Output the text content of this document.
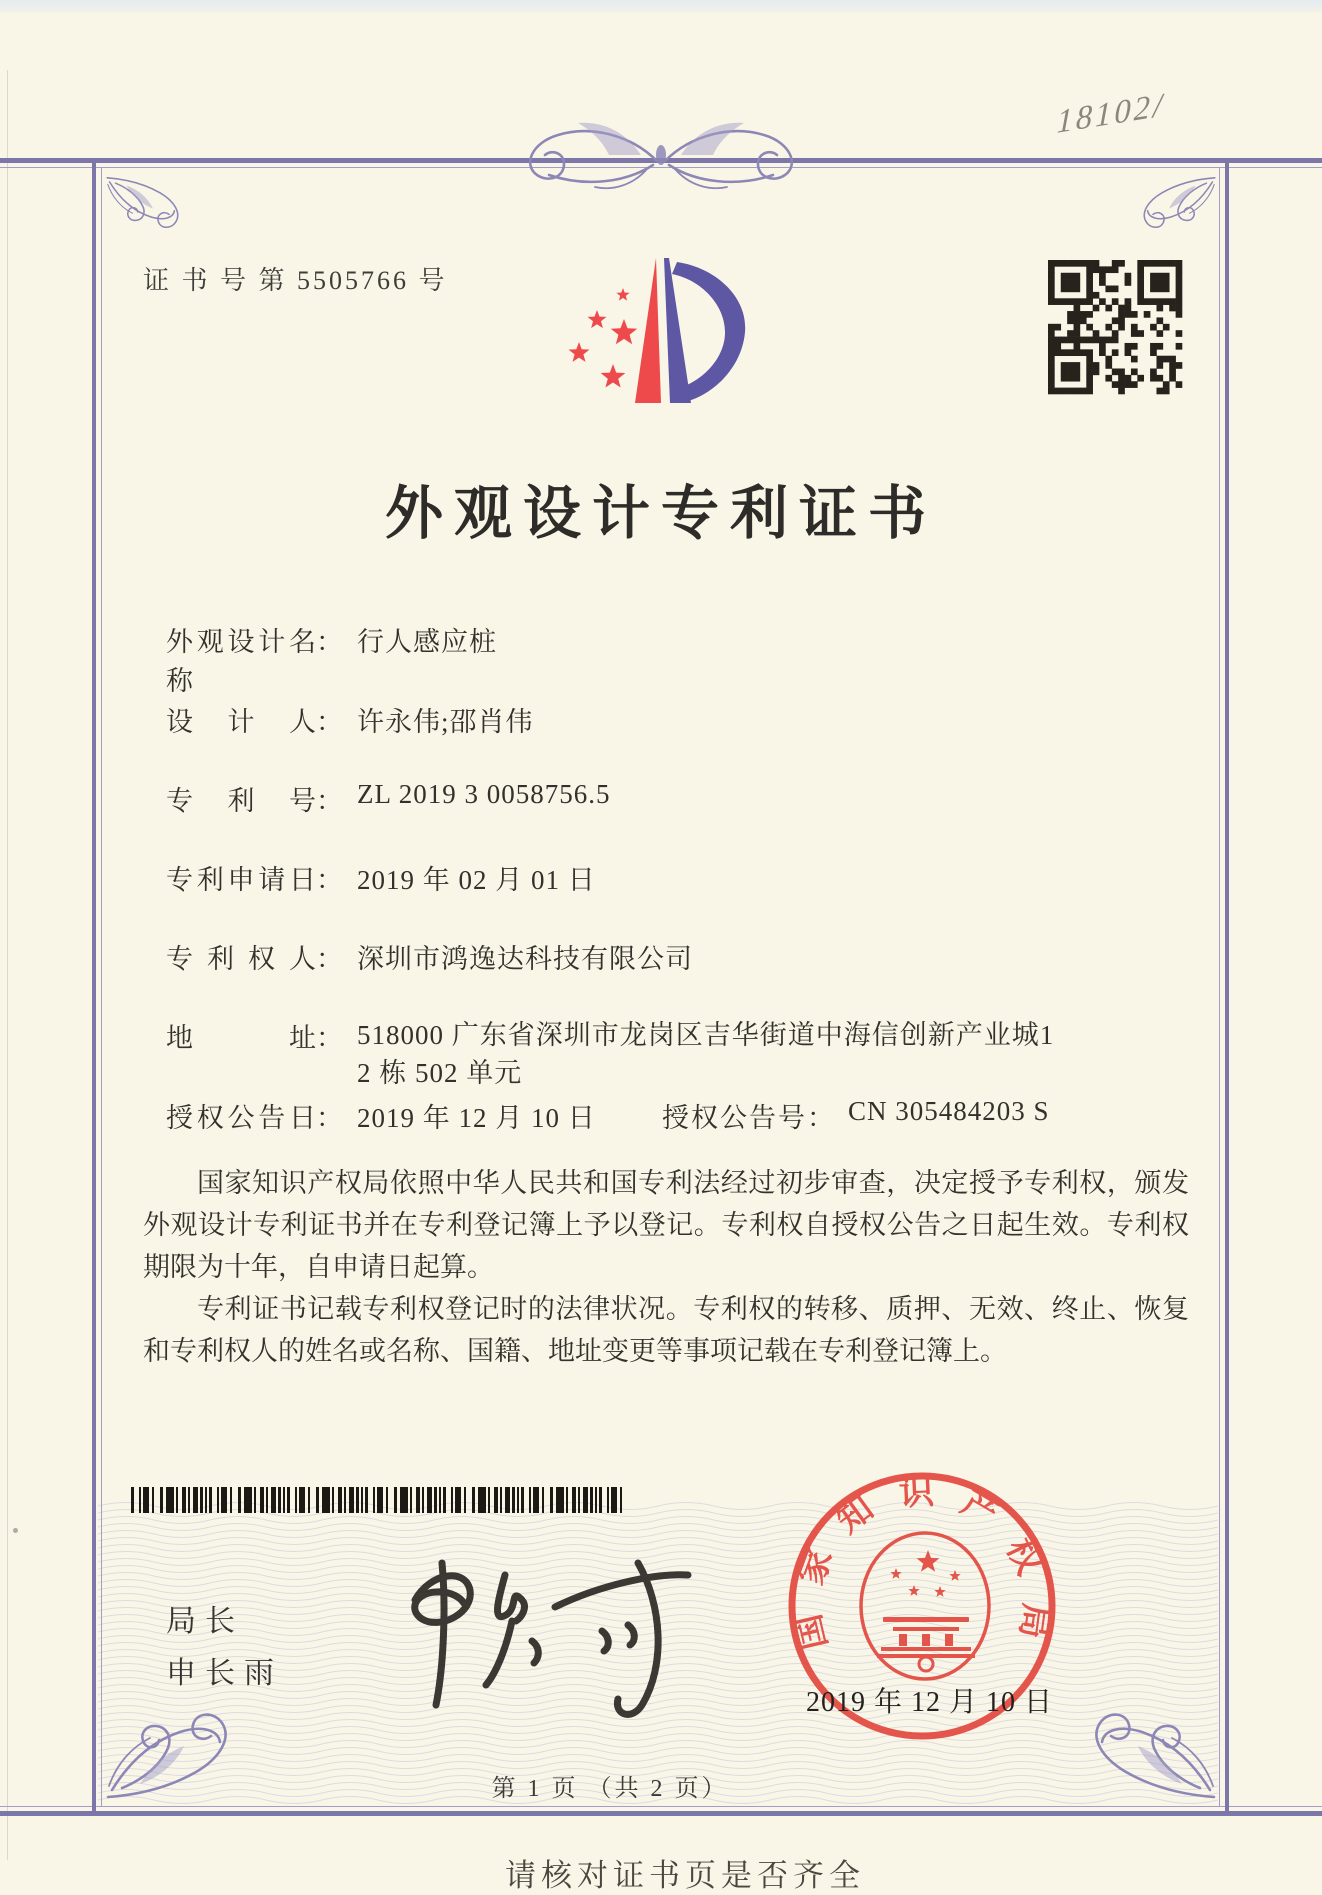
18102/
证 书 号 第 5505766 号
外观设计专利证书
外观设计名称： 行人感应桩
设计人： 许永伟;邵肖伟
专利号： ZL 2019 3 0058756.5
专利申请日： 2019 年 02 月 01 日
专利权人： 深圳市鸿逸达科技有限公司
地址： 518000 广东省深圳市龙岗区吉华街道中海信创新产业城1
2 栋 502 单元
授权公告日： 2019 年 12 月 10 日 授权公告号： CN 305484203 S

国家知识产权局依照中华人民共和国专利法经过初步审查，决定授予专利权，颁发外观设计专利证书并在专利登记簿上予以登记。专利权自授权公告之日起生效。专利权期限为十年，自申请日起算。

专利证书记载专利权登记时的法律状况。专利权的转移、质押、无效、终止、恢复和专利权人的姓名或名称、国籍、地址变更等事项记载在专利登记簿上。

局长
申长雨
国家知识产权局
2019 年 12 月 10 日
第 1 页 （共 2 页）
请核对证书页是否齐全
